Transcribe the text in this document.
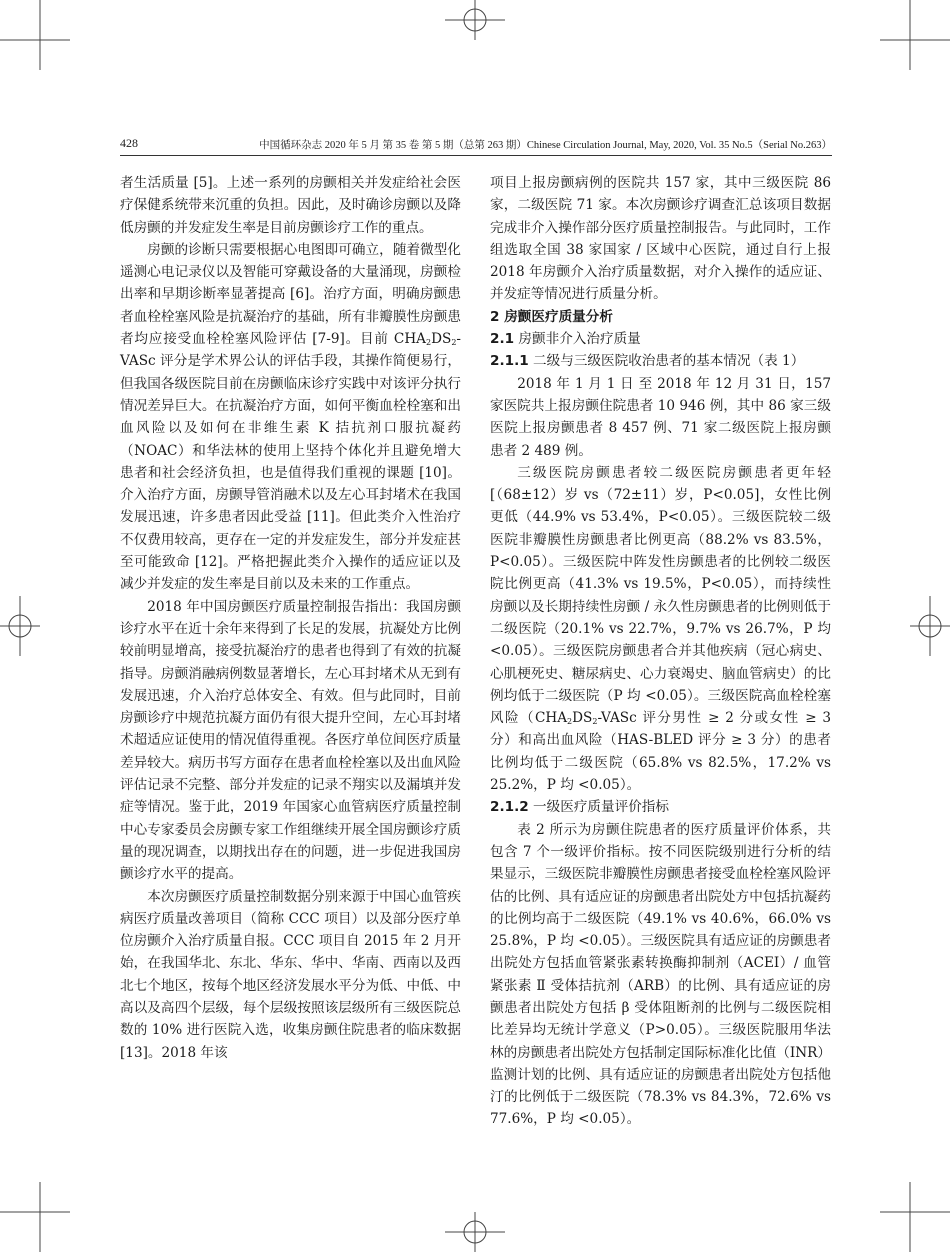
428	中国循环杂志 2020 年 5 月 第 35 卷 第 5 期（总第 263 期）Chinese Circulation Journal, May, 2020, Vol. 35 No.5（Serial No.263）

者生活质量 [5]。上述一系列的房颤相关并发症给社会医疗保健系统带来沉重的负担。因此，及时确诊房颤以及降低房颤的并发症发生率是目前房颤诊疗工作的重点。

房颤的诊断只需要根据心电图即可确立，随着微型化遥测心电记录仪以及智能可穿戴设备的大量涌现，房颤检出率和早期诊断率显著提高 [6]。治疗方面，明确房颤患者血栓栓塞风险是抗凝治疗的基础，所有非瓣膜性房颤患者均应接受血栓栓塞风险评估 [7-9]。目前 $CHA_2DS_2$-VASc 评分是学术界公认的评估手段，其操作简便易行，但我国各级医院目前在房颤临床诊疗实践中对该评分执行情况差异巨大。在抗凝治疗方面，如何平衡血栓栓塞和出血风险以及如何在非维生素 K 拮抗剂口服抗凝药（NOAC）和华法林的使用上坚持个体化并且避免增大患者和社会经济负担，也是值得我们重视的课题 [10]。介入治疗方面，房颤导管消融术以及左心耳封堵术在我国发展迅速，许多患者因此受益 [11]。但此类介入性治疗不仅费用较高，更存在一定的并发症发生，部分并发症甚至可能致命 [12]。严格把握此类介入操作的适应证以及减少并发症的发生率是目前以及未来的工作重点。

2018 年中国房颤医疗质量控制报告指出：我国房颤诊疗水平在近十余年来得到了长足的发展，抗凝处方比例较前明显增高，接受抗凝治疗的患者也得到了有效的抗凝指导。房颤消融病例数显著增长，左心耳封堵术从无到有发展迅速，介入治疗总体安全、有效。但与此同时，目前房颤诊疗中规范抗凝方面仍有很大提升空间，左心耳封堵术超适应证使用的情况值得重视。各医疗单位间医疗质量差异较大。病历书写方面存在患者血栓栓塞以及出血风险评估记录不完整、部分并发症的记录不翔实以及漏填并发症等情况。鉴于此，2019 年国家心血管病医疗质量控制中心专家委员会房颤专家工作组继续开展全国房颤诊疗质量的现况调查，以期找出存在的问题，进一步促进我国房颤诊疗水平的提高。

本次房颤医疗质量控制数据分别来源于中国心血管疾病医疗质量改善项目（简称 CCC 项目）以及部分医疗单位房颤介入治疗质量自报。CCC 项目自 2015 年 2 月开始，在我国华北、东北、华东、华中、华南、西南以及西北七个地区，按每个地区经济发展水平分为低、中低、中高以及高四个层级，每个层级按照该层级所有三级医院总数的 10% 进行医院入选，收集房颤住院患者的临床数据 [13]。2018 年该

项目上报房颤病例的医院共 157 家，其中三级医院 86 家，二级医院 71 家。本次房颤诊疗调查汇总该项目数据完成非介入操作部分医疗质量控制报告。与此同时，工作组选取全国 38 家国家 / 区域中心医院，通过自行上报 2018 年房颤介入治疗质量数据，对介入操作的适应证、并发症等情况进行质量分析。

2 房颤医疗质量分析

2.1 房颤非介入治疗质量

2.1.1 二级与三级医院收治患者的基本情况（表 1）

2018 年 1 月 1 日 至 2018 年 12 月 31 日，157 家医院共上报房颤住院患者 10 946 例，其中 86 家三级医院上报房颤患者 8 457 例、71 家二级医院上报房颤患者 2 489 例。

三级医院房颤患者较二级医院房颤患者更年轻 [（68±12）岁 vs（72±11）岁，P<0.05]，女性比例更低（44.9% vs 53.4%，P<0.05）。三级医院较二级医院非瓣膜性房颤患者比例更高（88.2% vs 83.5%，P<0.05）。三级医院中阵发性房颤患者的比例较二级医院比例更高（41.3% vs 19.5%，P<0.05），而持续性房颤以及长期持续性房颤 / 永久性房颤患者的比例则低于二级医院（20.1% vs 22.7%，9.7% vs 26.7%，P 均 <0.05）。三级医院房颤患者合并其他疾病（冠心病史、心肌梗死史、糖尿病史、心力衰竭史、脑血管病史）的比例均低于二级医院（P 均 <0.05）。三级医院高血栓栓塞风险（$CHA_2DS_2$-VASc 评分男性 ≥ 2 分或女性 ≥ 3 分）和高出血风险（HAS-BLED 评分 ≥ 3 分）的患者比例均低于二级医院（65.8% vs 82.5%，17.2% vs 25.2%，P 均 <0.05）。

2.1.2 一级医疗质量评价指标

表 2 所示为房颤住院患者的医疗质量评价体系，共包含 7 个一级评价指标。按不同医院级别进行分析的结果显示，三级医院非瓣膜性房颤患者接受血栓栓塞风险评估的比例、具有适应证的房颤患者出院处方中包括抗凝药的比例均高于二级医院（49.1% vs 40.6%，66.0% vs 25.8%，P 均 <0.05）。三级医院具有适应证的房颤患者出院处方包括血管紧张素转换酶抑制剂（ACEI）/ 血管紧张素 Ⅱ 受体拮抗剂（ARB）的比例、具有适应证的房颤患者出院处方包括 β 受体阻断剂的比例与二级医院相比差异均无统计学意义（P>0.05）。三级医院服用华法林的房颤患者出院处方包括制定国际标准化比值（INR）监测计划的比例、具有适应证的房颤患者出院处方包括他汀的比例低于二级医院（78.3% vs 84.3%，72.6% vs 77.6%，P 均 <0.05）。
